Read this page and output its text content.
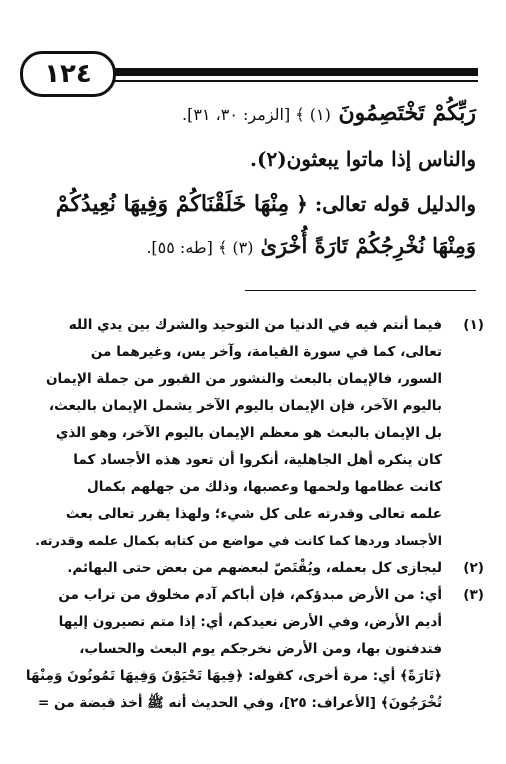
١٢٤
رَبِّكُمْ تَخْتَصِمُونَ (١) ﴾ [الزمر: ٣٠، ٣١].
والناس إذا ماتوا يبعثون(٢).
والدليل قوله تعالى: ﴿ مِنْهَا خَلَقْنَاكُمْ وَفِيهَا نُعِيدُكُمْ
وَمِنْهَا نُخْرِجُكُمْ تَارَةً أُخْرَىٰ (٣) ﴾ [طه: ٥٥].
(١)
فيما أنتم فيه في الدنيا من التوحيد والشرك بين يدي الله
تعالى، كما في سورة القيامة، وآخر يس، وغيرهما من
السور، فالإيمان بالبعث والنشور من القبور من جملة الإيمان
باليوم الآخر، فإن الإيمان باليوم الآخر يشمل الإيمان بالبعث،
بل الإيمان بالبعث هو معظم الإيمان باليوم الآخر، وهو الذي
كان ينكره أهل الجاهلية، أنكروا أن تعود هذه الأجساد كما
كانت عظامها ولحمها وعصبها، وذلك من جهلهم بكمال
علمه تعالى وقدرته على كل شيء؛ ولهذا يقرر تعالى بعث
الأجساد وردها كما كانت في مواضع من كتابه بكمال علمه وقدرته.
(٢)
ليجازى كل بعمله، ويُقْتَصّ لبعضهم من بعض حتى البهائم.
(٣)
أي: من الأرض مبدؤكم، فإن أباكم آدم مخلوق من تراب من
أديم الأرض، وفي الأرض نعيدكم، أي: إذا متم تصيرون إليها
فتدفنون بها، ومن الأرض نخرجكم يوم البعث والحساب،
﴿تَارَةً﴾ أي: مرة أخرى، كقوله: ﴿فِيهَا تَحْيَوْنَ وَفِيهَا تَمُوتُونَ وَمِنْهَا
تُخْرَجُونَ﴾ [الأعراف: ٢٥]، وفي الحديث أنه ﷺ أخذ قبضة من =
